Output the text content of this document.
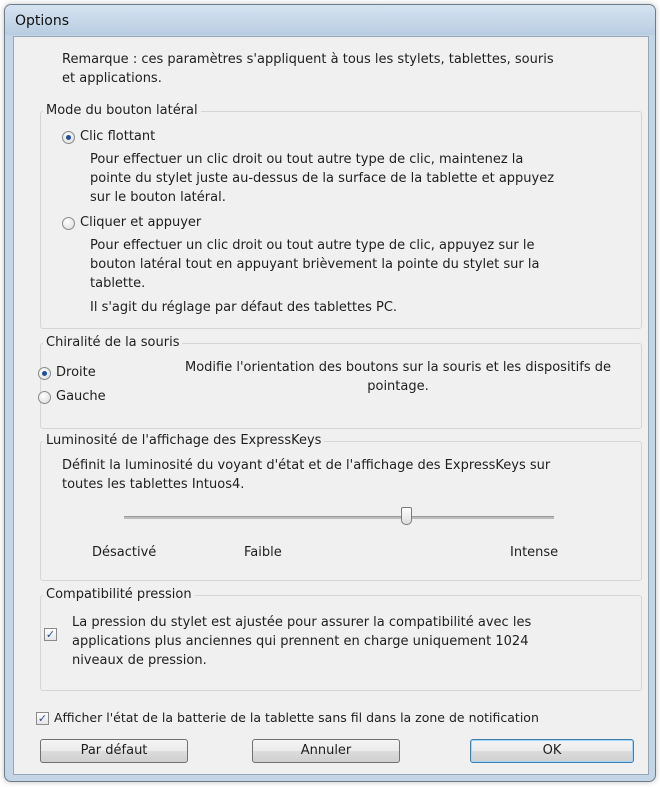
Options
Remarque : ces paramètres s'appliquent à tous les stylets, tablettes, souris
et applications.
Mode du bouton latéral
Clic flottant
Pour effectuer un clic droit ou tout autre type de clic, maintenez la
pointe du stylet juste au-dessus de la surface de la tablette et appuyez
sur le bouton latéral.
Cliquer et appuyer
Pour effectuer un clic droit ou tout autre type de clic, appuyez sur le
bouton latéral tout en appuyant brièvement la pointe du stylet sur la
tablette.
Il s'agit du réglage par défaut des tablettes PC.
Chiralité de la souris
Droite
Gauche
Modifie l'orientation des boutons sur la souris et les dispositifs de
pointage.
Luminosité de l'affichage des ExpressKeys
Définit la luminosité du voyant d'état et de l'affichage des ExpressKeys sur
toutes les tablettes Intuos4.
Désactivé	Faible	Intense
Compatibilité pression
✓
La pression du stylet est ajustée pour assurer la compatibilité avec les
applications plus anciennes qui prennent en charge uniquement 1024
niveaux de pression.
✓ Afficher l'état de la batterie de la tablette sans fil dans la zone de notification
Par défaut	Annuler	OK
